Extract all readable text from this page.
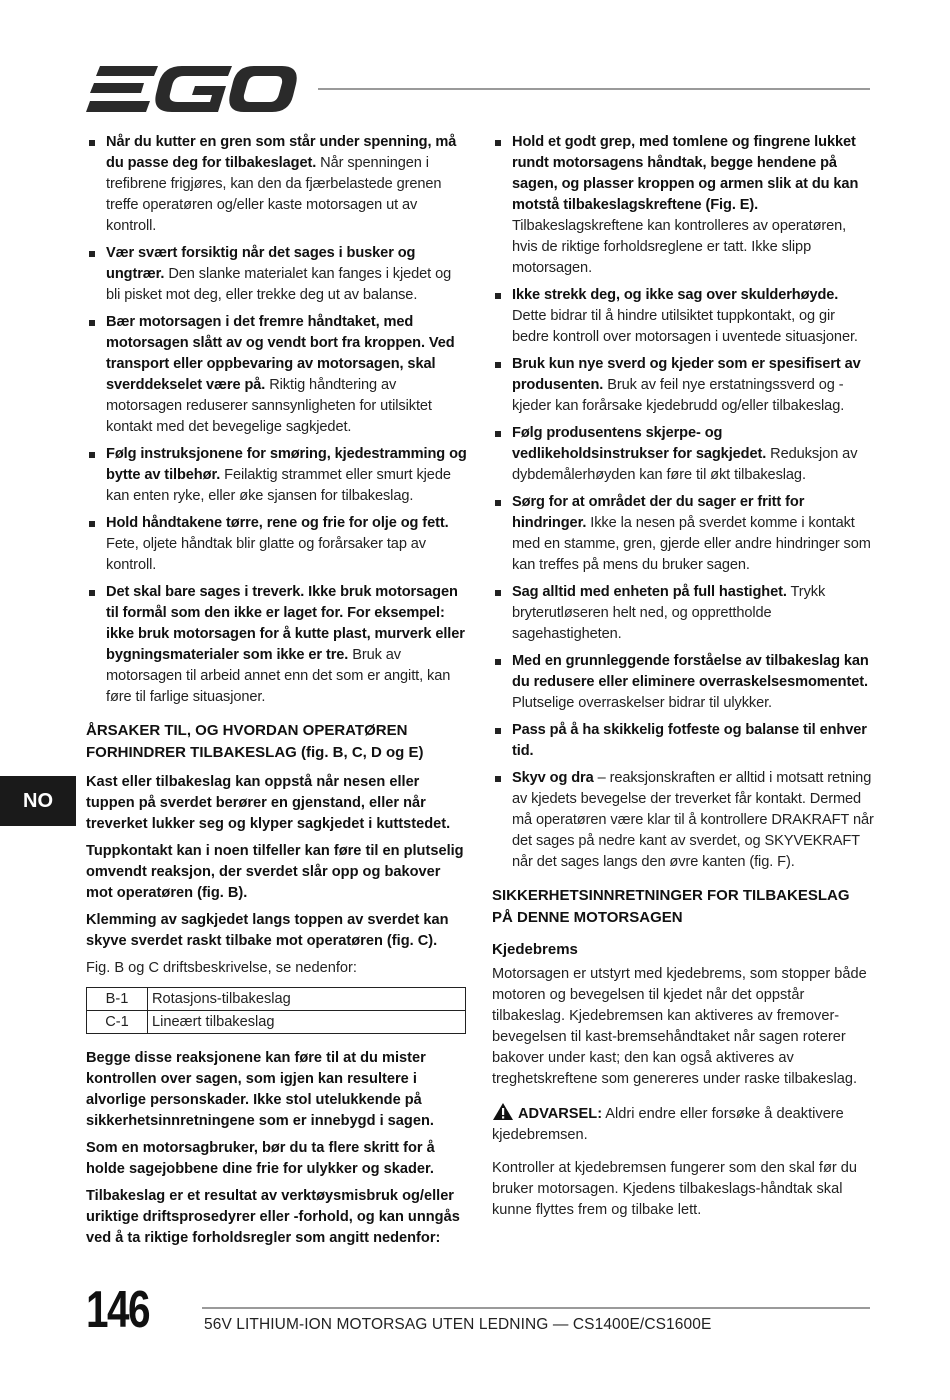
Når du kutter en gren som står under spenning, må du passe deg for tilbakeslaget. Når spenningen i trefibrene frigjøres, kan den da fjærbelastede grenen treffe operatøren og/eller kaste motorsagen ut av kontroll.
Vær svært forsiktig når det sages i busker og ungtrær. Den slanke materialet kan fanges i kjedet og bli pisket mot deg, eller trekke deg ut av balanse.
Bær motorsagen i det fremre håndtaket, med motorsagen slått av og vendt bort fra kroppen. Ved transport eller oppbevaring av motorsagen, skal sverddekselet være på. Riktig håndtering av motorsagen reduserer sannsynligheten for utilsiktet kontakt med det bevegelige sagkjedet.
Følg instruksjonene for smøring, kjedestramming og bytte av tilbehør. Feilaktig strammet eller smurt kjede kan enten ryke, eller øke sjansen for tilbakeslag.
Hold håndtakene tørre, rene og frie for olje og fett. Fete, oljete håndtak blir glatte og forårsaker tap av kontroll.
Det skal bare sages i treverk. Ikke bruk motorsagen til formål som den ikke er laget for. For eksempel: ikke bruk motorsagen for å kutte plast, murverk eller bygningsmaterialer som ikke er tre. Bruk av motorsagen til arbeid annet enn det som er angitt, kan føre til farlige situasjoner.
ÅRSAKER TIL, OG HVORDAN OPERATØREN FORHINDRER TILBAKESLAG (fig. B, C, D og E)

Kast eller tilbakeslag kan oppstå når nesen eller tuppen på sverdet berører en gjenstand, eller når treverket lukker seg og klyper sagkjedet i kuttstedet.

Tuppkontakt kan i noen tilfeller kan føre til en plutselig omvendt reaksjon, der sverdet slår opp og bakover mot operatøren (fig. B).

Klemming av sagkjedet langs toppen av sverdet kan skyve sverdet raskt tilbake mot operatøren (fig. C).

Fig. B og C driftsbeskrivelse, se nedenfor:

B-1	Rotasjons-tilbakeslag
C-1	Lineært tilbakeslag

Begge disse reaksjonene kan føre til at du mister kontrollen over sagen, som igjen kan resultere i alvorlige personskader. Ikke stol utelukkende på sikkerhetsinnretningene som er innebygd i sagen.

Som en motorsagbruker, bør du ta flere skritt for å holde sagejobbene dine frie for ulykker og skader.

Tilbakeslag er et resultat av verktøysmisbruk og/eller uriktige driftsprosedyrer eller -forhold, og kan unngås ved å ta riktige forholdsregler som angitt nedenfor:

Hold et godt grep, med tomlene og fingrene lukket rundt motorsagens håndtak, begge hendene på sagen, og plasser kroppen og armen slik at du kan motstå tilbakeslagskreftene (Fig. E). Tilbakeslagskreftene kan kontrolleres av operatøren, hvis de riktige forholdsreglene er tatt. Ikke slipp motorsagen.
Ikke strekk deg, og ikke sag over skulderhøyde. Dette bidrar til å hindre utilsiktet tuppkontakt, og gir bedre kontroll over motorsagen i uventede situasjoner.
Bruk kun nye sverd og kjeder som er spesifisert av produsenten. Bruk av feil nye erstatningssverd og -kjeder kan forårsake kjedebrudd og/eller tilbakeslag.
Følg produsentens skjerpe- og vedlikeholdsinstrukser for sagkjedet. Reduksjon av dybdemålerhøyden kan føre til økt tilbakeslag.
Sørg for at området der du sager er fritt for hindringer. Ikke la nesen på sverdet komme i kontakt med en stamme, gren, gjerde eller andre hindringer som kan treffes på mens du bruker sagen.
Sag alltid med enheten på full hastighet. Trykk bryterutløseren helt ned, og opprettholde sagehastigheten.
Med en grunnleggende forståelse av tilbakeslag kan du redusere eller eliminere overraskelsesmomentet. Plutselige overraskelser bidrar til ulykker.
Pass på å ha skikkelig fotfeste og balanse til enhver tid.
Skyv og dra – reaksjonskraften er alltid i motsatt retning av kjedets bevegelse der treverket får kontakt. Dermed må operatøren være klar til å kontrollere DRAKRAFT når det sages på nedre kant av sverdet, og SKYVEKRAFT når det sages langs den øvre kanten (fig. F).
SIKKERHETSINNRETNINGER FOR TILBAKESLAG PÅ DENNE MOTORSAGEN
Kjedebrems

Motorsagen er utstyrt med kjedebrems, som stopper både motoren og bevegelsen til kjedet når det oppstår tilbakeslag. Kjedebremsen kan aktiveres av fremover-bevegelsen til kast-bremsehåndtaket når sagen roterer bakover under kast; den kan også aktiveres av treghetskreftene som genereres under raske tilbakeslag.

ADVARSEL: Aldri endre eller forsøke å deaktivere kjedebremsen.

Kontroller at kjedebremsen fungerer som den skal før du bruker motorsagen. Kjedens tilbakeslags-håndtak skal kunne flyttes frem og tilbake lett.

NO
146	56V LITHIUM-ION MOTORSAG UTEN LEDNING — CS1400E/CS1600E
